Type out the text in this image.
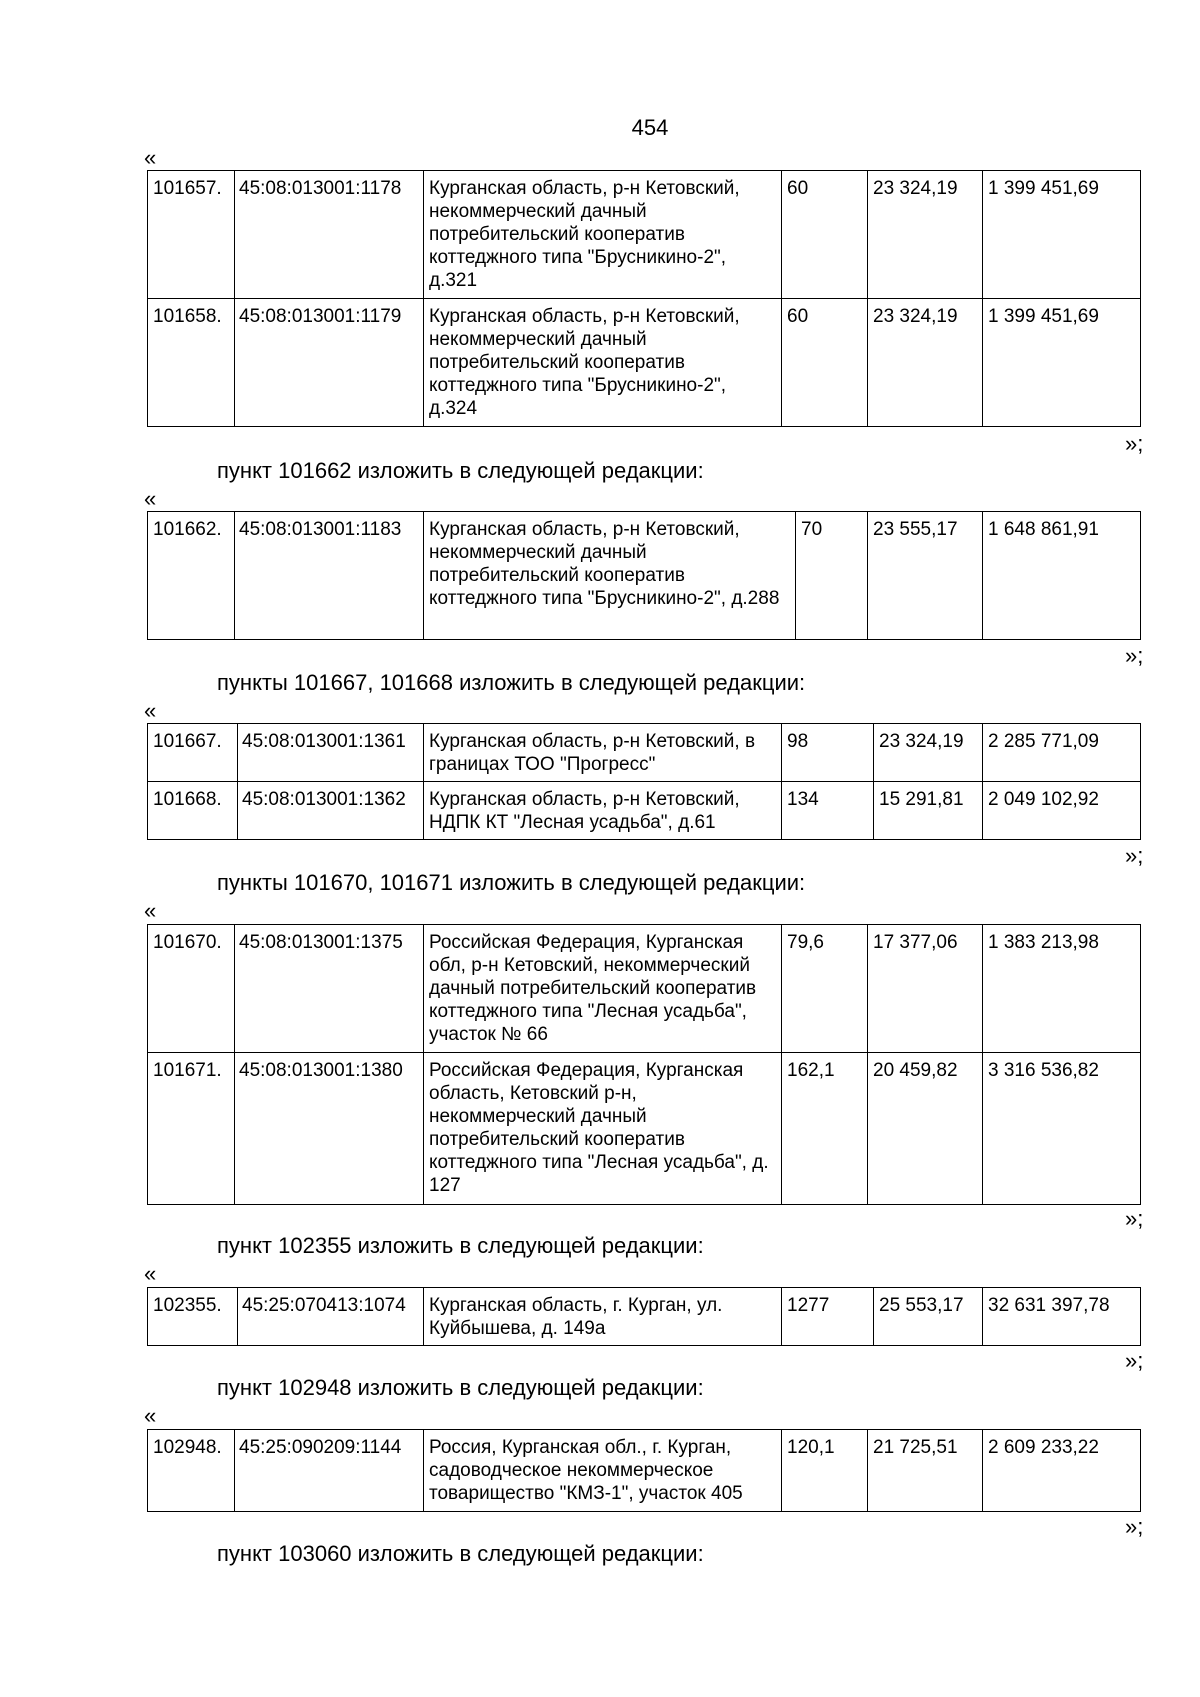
454
«
101657.	45:08:013001:1178	Курганская область, р-н Кетовский, некоммерческий дачный потребительский кооператив коттеджного типа "Брусникино-2", д.321	60	23 324,19	1 399 451,69
101658.	45:08:013001:1179	Курганская область, р-н Кетовский, некоммерческий дачный потребительский кооператив коттеджного типа "Брусникино-2", д.324	60	23 324,19	1 399 451,69
»;
пункт 101662 изложить в следующей редакции:
«
101662.	45:08:013001:1183	Курганская область, р-н Кетовский, некоммерческий дачный потребительский кооператив коттеджного типа "Брусникино-2", д.288	70	23 555,17	1 648 861,91
»;
пункты 101667, 101668 изложить в следующей редакции:
«
101667.	45:08:013001:1361	Курганская область, р-н Кетовский, в границах ТОО "Прогресс"	98	23 324,19	2 285 771,09
101668.	45:08:013001:1362	Курганская область, р-н Кетовский, НДПК КТ "Лесная усадьба", д.61	134	15 291,81	2 049 102,92
»;
пункты 101670, 101671 изложить в следующей редакции:
«
101670.	45:08:013001:1375	Российская Федерация, Курганская обл, р-н Кетовский, некоммерческий дачный потребительский кооператив коттеджного типа "Лесная усадьба", участок № 66	79,6	17 377,06	1 383 213,98
101671.	45:08:013001:1380	Российская Федерация, Курганская область, Кетовский р-н, некоммерческий дачный потребительский кооператив коттеджного типа "Лесная усадьба", д. 127	162,1	20 459,82	3 316 536,82
»;
пункт 102355 изложить в следующей редакции:
«
102355.	45:25:070413:1074	Курганская область, г. Курган, ул. Куйбышева, д. 149а	1277	25 553,17	32 631 397,78
»;
пункт 102948 изложить в следующей редакции:
«
102948.	45:25:090209:1144	Россия, Курганская обл., г. Курган, садоводческое некоммерческое товарищество "КМЗ-1", участок 405	120,1	21 725,51	2 609 233,22
»;
пункт 103060 изложить в следующей редакции:
